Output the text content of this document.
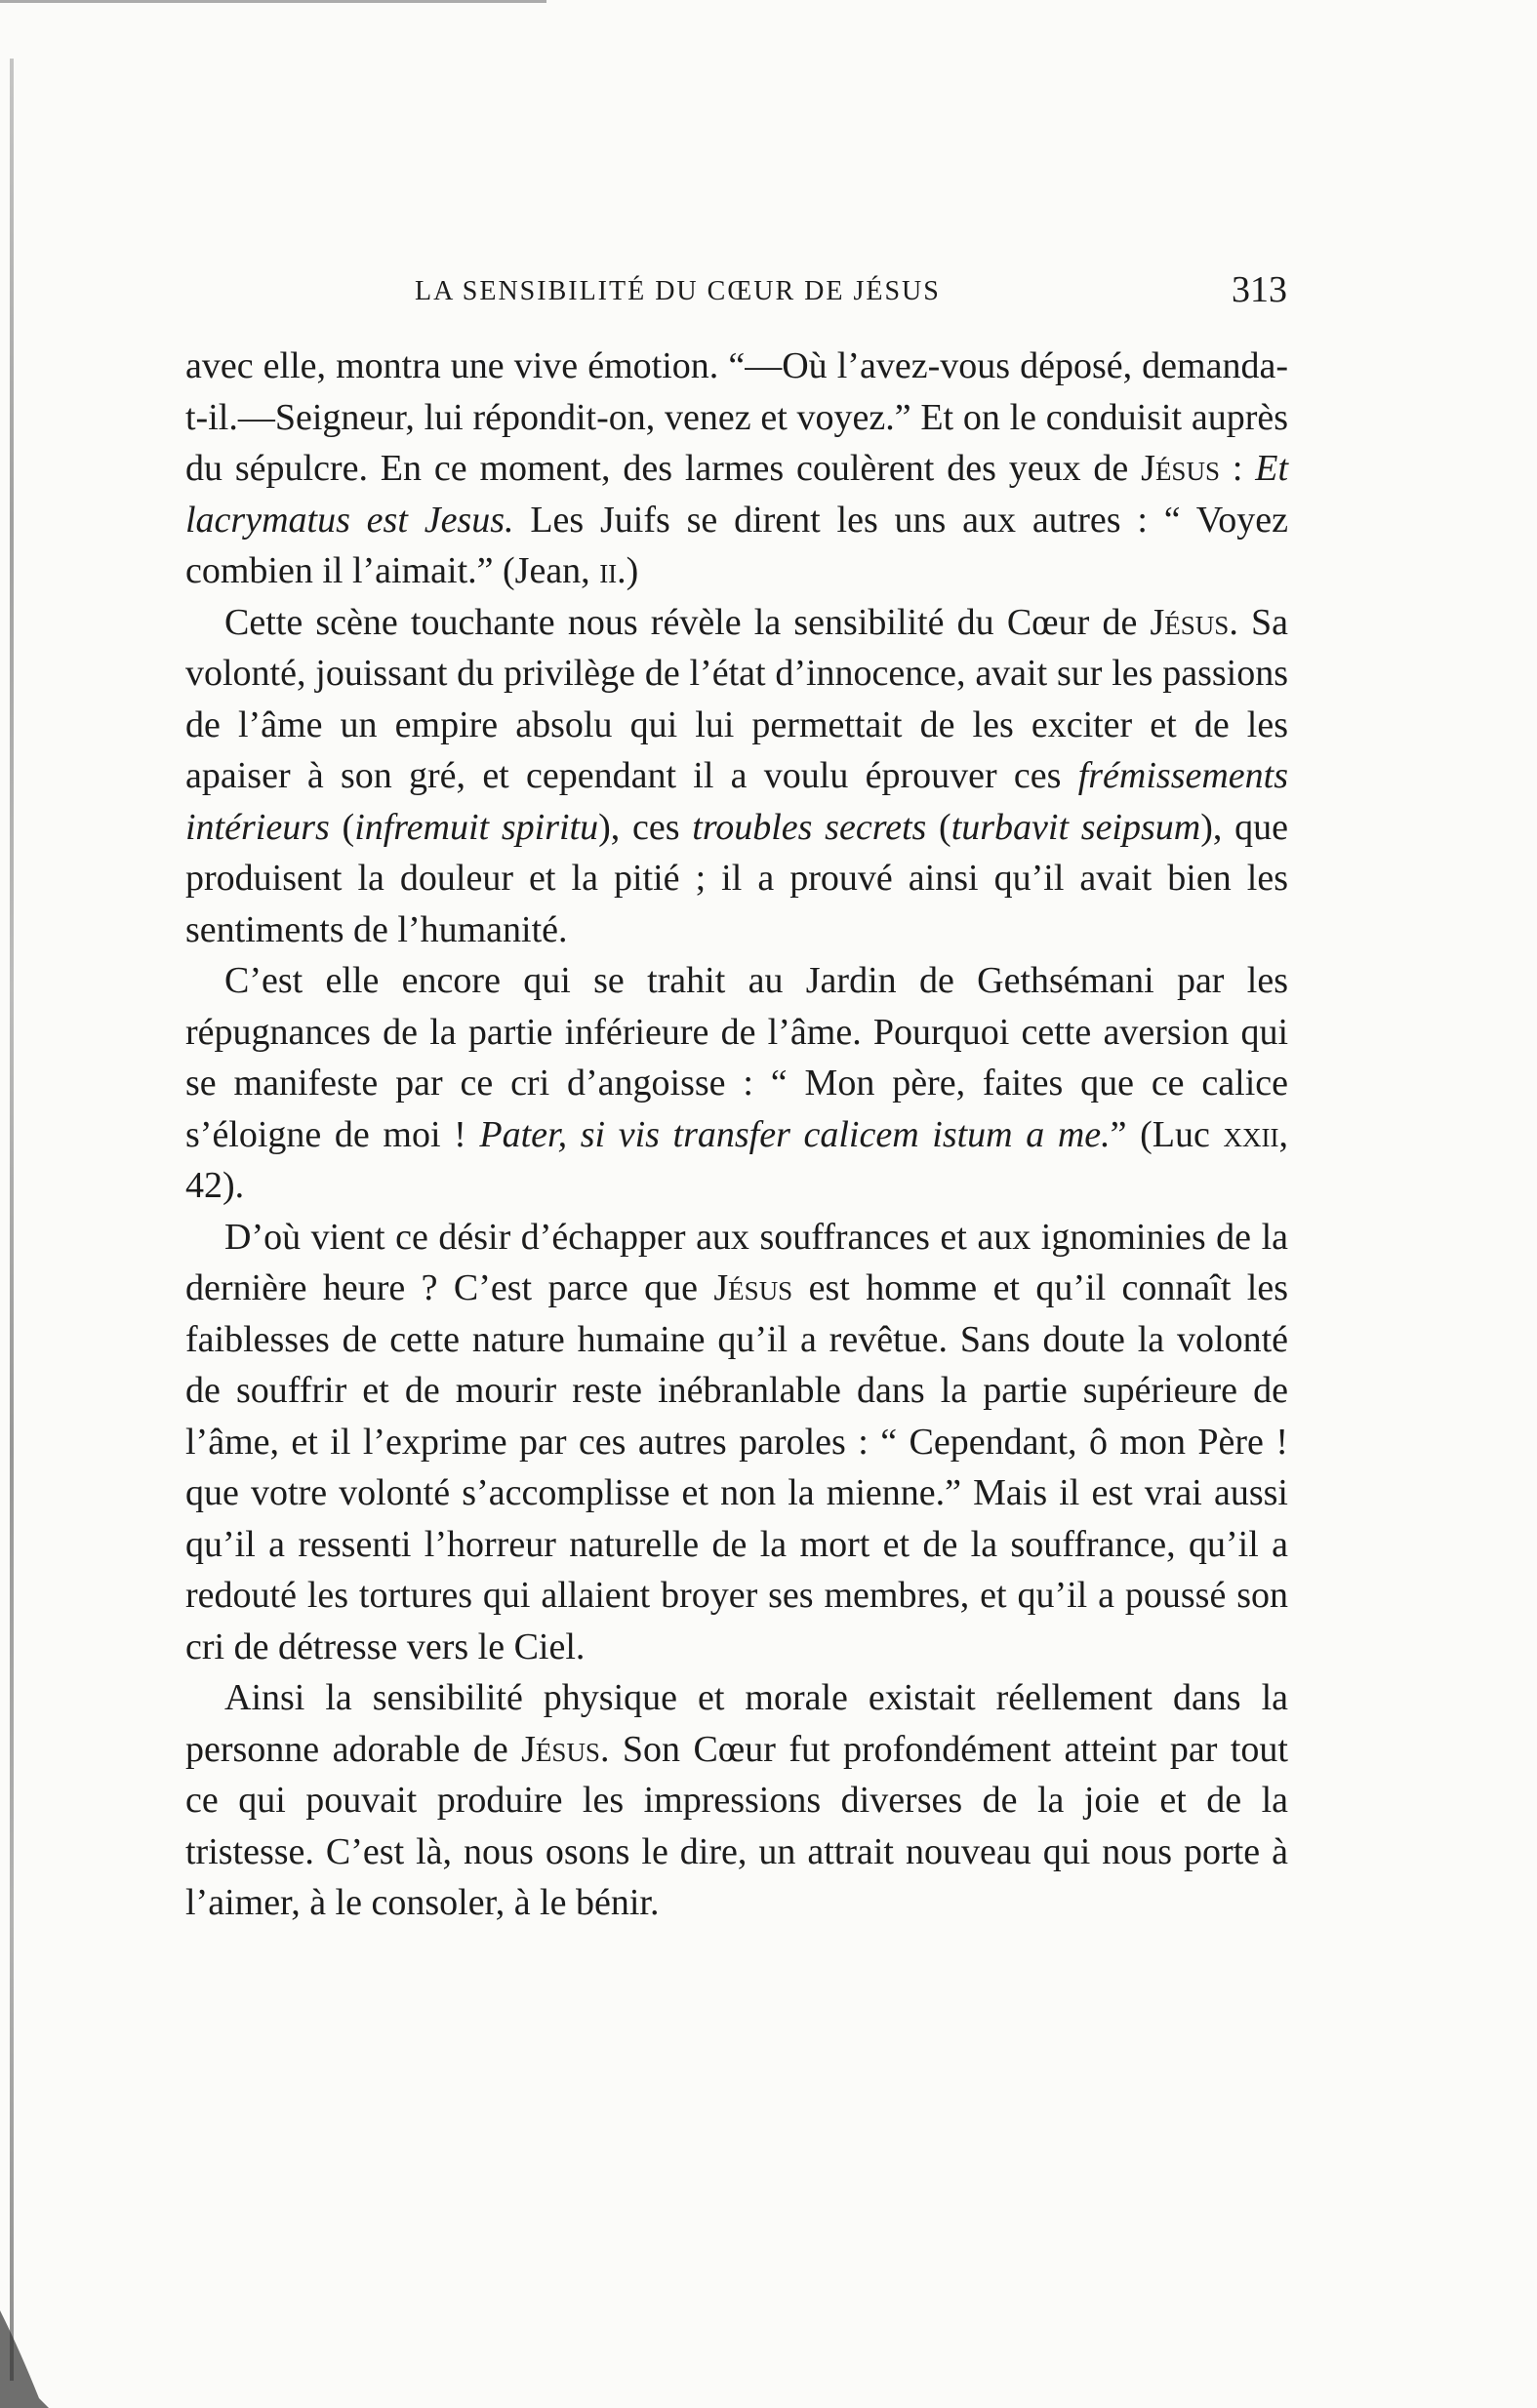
LA SENSIBILITÉ DU CŒUR DE JÉSUS	313

avec elle, montra une vive émotion. “—Où l’avez-vous déposé, demanda-t-il.—Seigneur, lui répondit-on, venez et voyez.” Et on le conduisit auprès du sépulcre. En ce moment, des larmes coulèrent des yeux de Jésus : Et lacrymatus est Jesus. Les Juifs se dirent les uns aux autres : “ Voyez combien il l’aimait.” (Jean, ii.)

Cette scène touchante nous révèle la sensibilité du Cœur de Jésus. Sa volonté, jouissant du privilège de l’état d’innocence, avait sur les passions de l’âme un empire absolu qui lui permettait de les exciter et de les apaiser à son gré, et cependant il a voulu éprouver ces frémissements intérieurs (infremuit spiritu), ces troubles secrets (turbavit seipsum), que produisent la douleur et la pitié ; il a prouvé ainsi qu’il avait bien les sentiments de l’humanité.

C’est elle encore qui se trahit au Jardin de Gethsémani par les répugnances de la partie inférieure de l’âme. Pourquoi cette aversion qui se manifeste par ce cri d’angoisse : “ Mon père, faites que ce calice s’éloigne de moi ! Pater, si vis transfer calicem istum a me.” (Luc xxii, 42).

D’où vient ce désir d’échapper aux souffrances et aux ignominies de la dernière heure ? C’est parce que Jésus est homme et qu’il connaît les faiblesses de cette nature humaine qu’il a revêtue. Sans doute la volonté de souffrir et de mourir reste inébranlable dans la partie supérieure de l’âme, et il l’exprime par ces autres paroles : “ Cependant, ô mon Père ! que votre volonté s’accomplisse et non la mienne.” Mais il est vrai aussi qu’il a ressenti l’horreur naturelle de la mort et de la souffrance, qu’il a redouté les tortures qui allaient broyer ses membres, et qu’il a poussé son cri de détresse vers le Ciel.

Ainsi la sensibilité physique et morale existait réellement dans la personne adorable de Jésus. Son Cœur fut profondément atteint par tout ce qui pouvait produire les impressions diverses de la joie et de la tristesse. C’est là, nous osons le dire, un attrait nouveau qui nous porte à l’aimer, à le consoler, à le bénir.
